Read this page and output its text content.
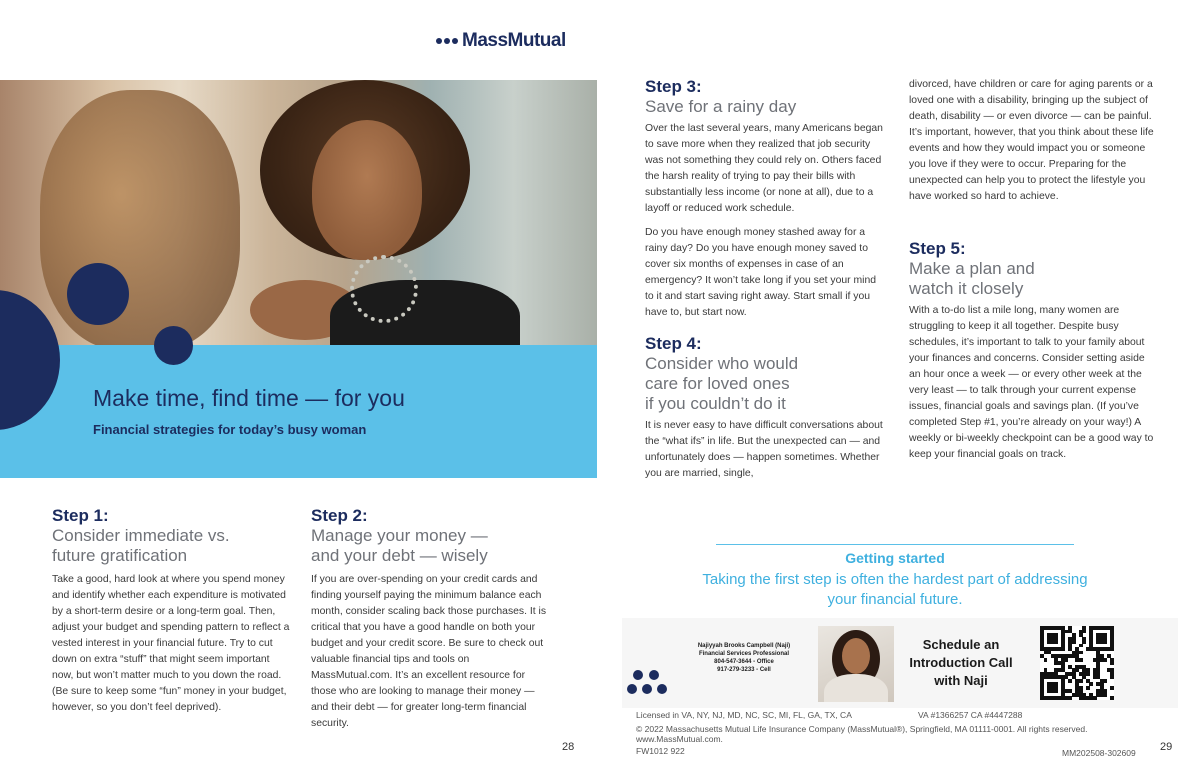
MassMutual
Make time, find time — for you
Financial strategies for today’s busy woman
Step 1:
Consider immediate vs.
future gratification
Take a good, hard look at where you spend money and identify whether each expenditure is motivated by a short-term desire or a long-term goal. Then, adjust your budget and spending pattern to reflect a vested interest in your financial future. Try to cut down on extra “stuff” that might seem important now, but won’t matter much to you down the road. (Be sure to keep some “fun” money in your budget, however, so you don’t feel deprived).
Step 2:
Manage your money —
and your debt — wisely
If you are over-spending on your credit cards and finding yourself paying the minimum balance each month, consider scaling back those purchases. It is critical that you have a good handle on both your budget and your credit score. Be sure to check out valuable financial tips and tools on MassMutual.com. It’s an excellent resource for those who are looking to manage their money — and their debt — for greater long-term financial security.
Step 3:
Save for a rainy day
Over the last several years, many Americans began to save more when they realized that job security was not something they could rely on. Others faced the harsh reality of trying to pay their bills with substantially less income (or none at all), due to a layoff or reduced work schedule.
Do you have enough money stashed away for a rainy day? Do you have enough money saved to cover six months of expenses in case of an emergency? It won’t take long if you set your mind to it and start saving right away. Start small if you have to, but start now.
Step 4:
Consider who would
care for loved ones
if you couldn’t do it
It is never easy to have difficult conversations about the “what ifs” in life. But the unexpected can — and unfortunately does — happen sometimes. Whether you are married, single,
divorced, have children or care for aging parents or a loved one with a disability, bringing up the subject of death, disability — or even divorce — can be painful. It’s important, however, that you think about these life events and how they would impact you or someone you love if they were to occur. Preparing for the unexpected can help you to protect the lifestyle you have worked so hard to achieve.
Step 5:
Make a plan and
watch it closely
With a to-do list a mile long, many women are struggling to keep it all together. Despite busy schedules, it’s important to talk to your family about your finances and concerns. Consider setting aside an hour once a week — or every other week at the very least — to talk through your current expense issues, financial goals and savings plan. (If you’ve completed Step #1, you’re already on your way!) A weekly or bi-weekly checkpoint can be a good way to keep your financial goals on track.
Getting started
Taking the first step is often the hardest part of addressing your financial future.
Najiyyah Brooks Campbell (Naji)
Financial Services Professional
804-547-3644 - Office
917-279-3233 - Cell
Schedule an
Introduction Call
with Naji
Licensed in VA, NY, NJ, MD, NC, SC, MI, FL, GA, TX, CA	VA #1366257 CA #4447288
© 2022 Massachusetts Mutual Life Insurance Company (MassMutual®), Springfield, MA 01111-0001. All rights reserved. www.MassMutual.com.
FW1012 922	MM202508-302609
28	29
